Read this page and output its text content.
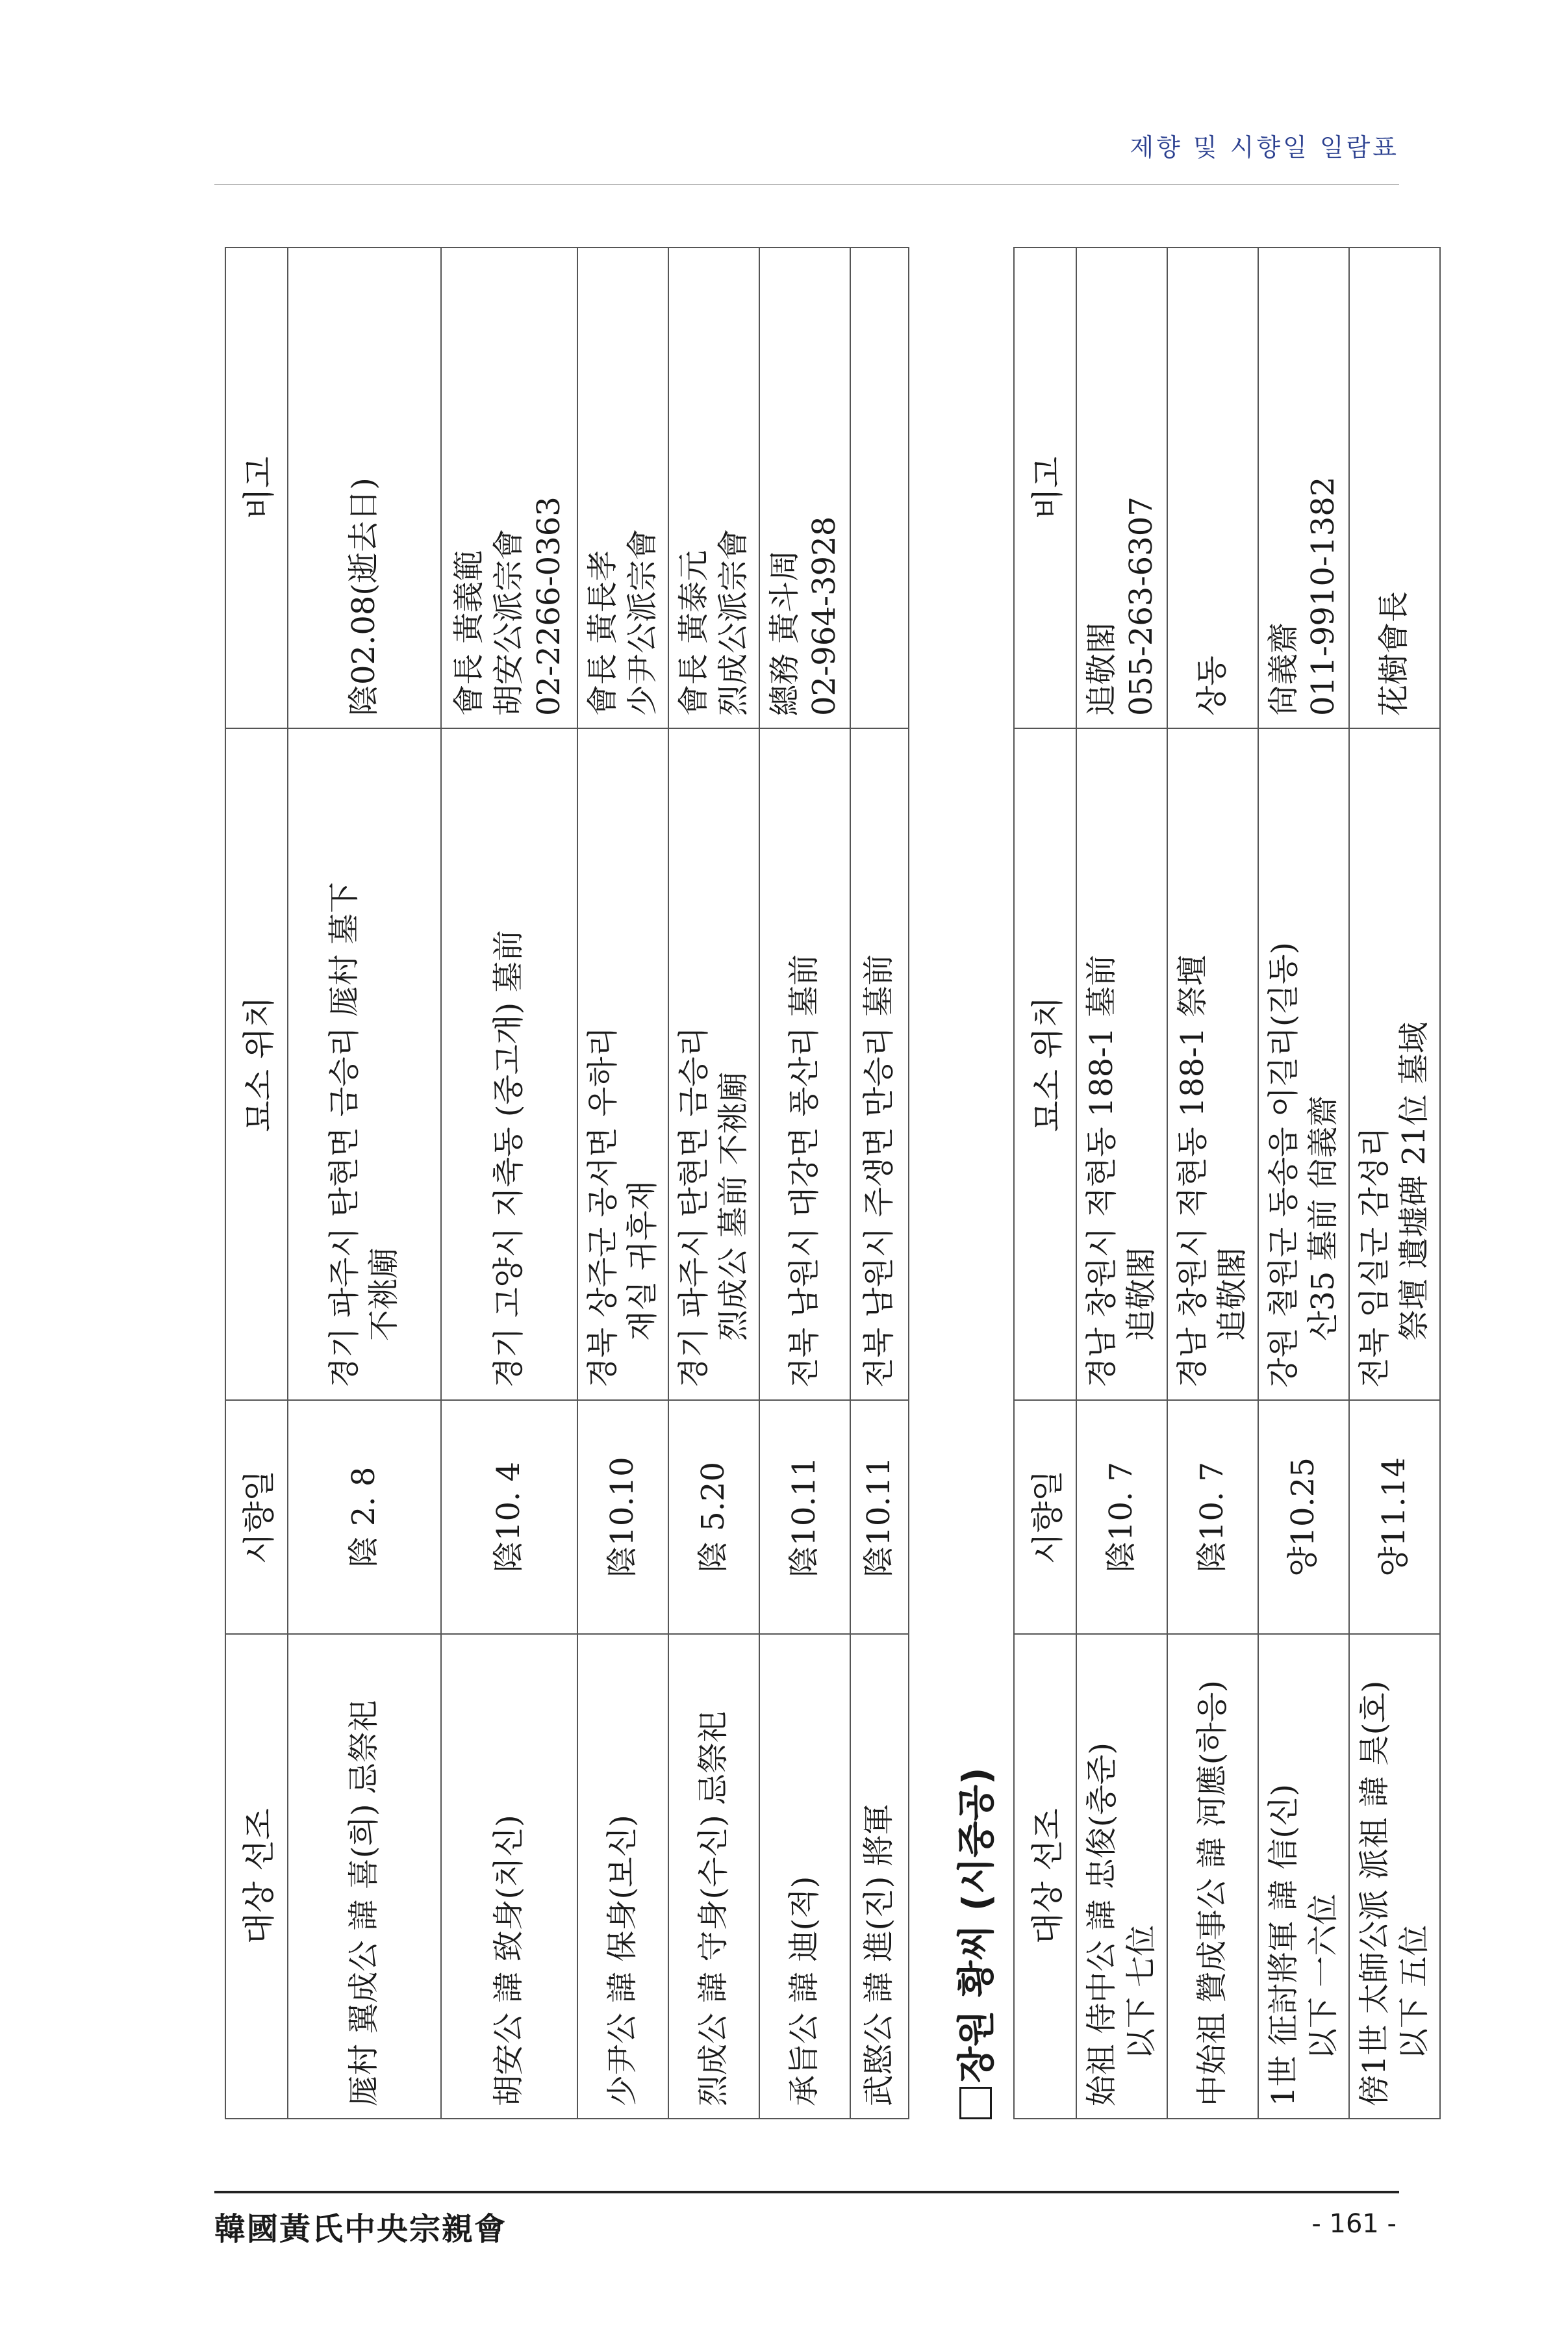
제향 및 시향일 일람표
대상 선조	시향일	묘소 위치	비고

厖村 翼成公 諱 喜(희) 忌祭祀	陰 2. 8	경기 파주시 탄현면 금승리 厖村 墓下 不祧廟	陰02.08(逝去日)

胡安公 諱 致身(치신)	陰10. 4	경기 고양시 지축동 (중고개) 墓前	會長 黃義範 胡安公派宗會 02-2266-0363

少尹公 諱 保身(보신)	陰10.10	경북 상주군 공서면 우하리 재실 귀후재	會長 黃長孝 少尹公派宗會

烈成公 諱 守身(수신) 忌祭祀	陰 5.20	경기 파주시 탄현면 금승리 烈成公 墓前 不祧廟	會長 黃泰元 烈成公派宗會

承旨公 諱 迪(적)	陰10.11	전북 남원시 대강면 풍산리 墓前	總務 黃斗周 02-964-3928

武愍公 諱 進(진) 將軍	陰10.11	전북 남원시 주생면 만승리 墓前	

장원 황씨 (시중공) 대상 선조	시향일	묘소 위치	비고

始祖 侍中公 諱 忠俊(충준) 以下 七位	陰10. 7	경남 창원시 적현동 188-1 墓前 追敬閣	追敬閣 055-263-6307

中始祖 贊成事公 諱 河應(하응)	陰10. 7	경남 창원시 적현동 188-1 祭壇 追敬閣	상동

1世 征討將軍 諱 信(신) 以下 一六位	양10.25	강원 철원군 동송읍 이길리(길동) 산35 墓前 尙義齋	尙義齋 011-9910-1382

傍1世 太師公派 派祖 諱 昊(호) 以下 五位	양11.14	전북 임실군 감성리 祭壇 遺墟碑 21位 墓域	花樹會長
韓國黃氏中央宗親會	- 161 -
